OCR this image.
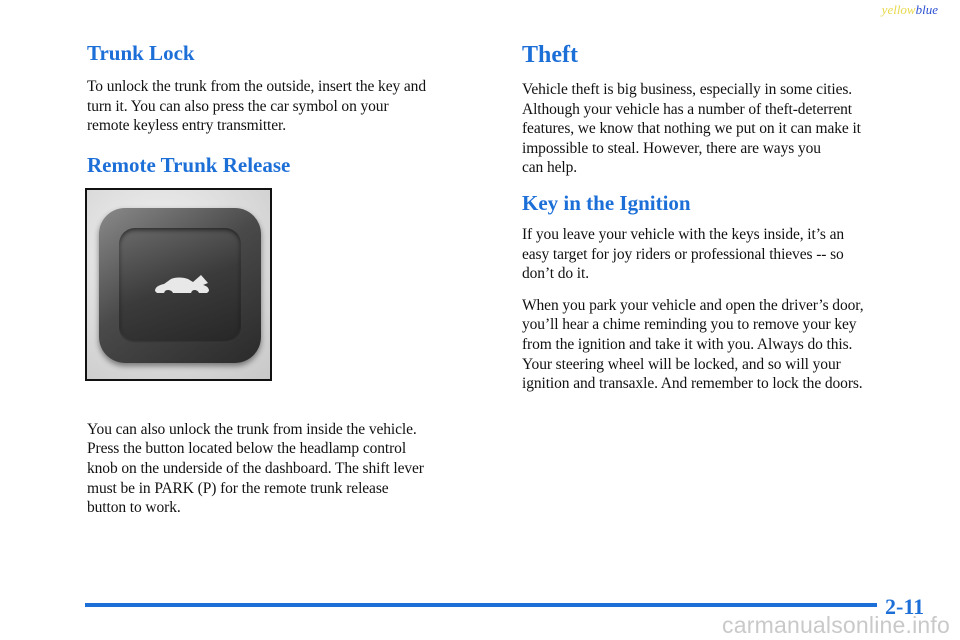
yellowblue
Trunk Lock

To unlock the trunk from the outside, insert the key and
turn it. You can also press the car symbol on your
remote keyless entry transmitter.

Remote Trunk Release

You can also unlock the trunk from inside the vehicle.
Press the button located below the headlamp control
knob on the underside of the dashboard. The shift lever
must be in PARK (P) for the remote trunk release
button to work.

Theft

Vehicle theft is big business, especially in some cities.
Although your vehicle has a number of theft-deterrent
features, we know that nothing we put on it can make it
impossible to steal. However, there are ways you
can help.

Key in the Ignition

If you leave your vehicle with the keys inside, it’s an
easy target for joy riders or professional thieves -- so
don’t do it.

When you park your vehicle and open the driver’s door,
you’ll hear a chime reminding you to remove your key
from the ignition and take it with you. Always do this.
Your steering wheel will be locked, and so will your
ignition and transaxle. And remember to lock the doors.

2-11
carmanualsonline.info
